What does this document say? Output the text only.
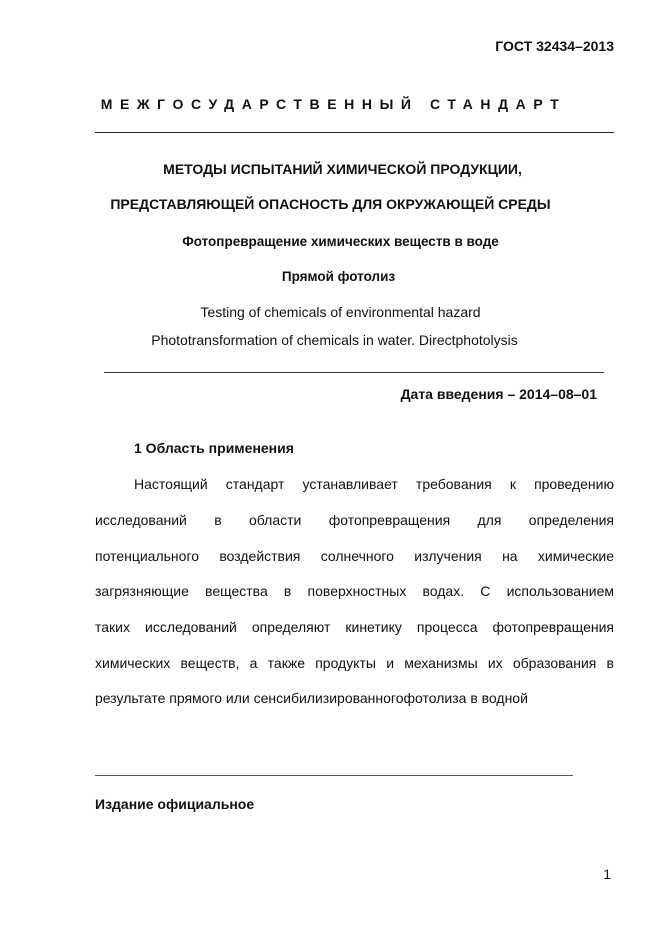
ГОСТ 32434–2013
МЕЖГОСУДАРСТВЕННЫЙ СТАНДАРТ
МЕТОДЫ ИСПЫТАНИЙ ХИМИЧЕСКОЙ ПРОДУКЦИИ,
ПРЕДСТАВЛЯЮЩЕЙ ОПАСНОСТЬ ДЛЯ ОКРУЖАЮЩЕЙ СРЕДЫ
Фотопревращение химических веществ в воде
Прямой фотолиз
Testing of chemicals of environmental hazard
Phototransformation of chemicals in water. Directphotolysis
Дата введения – 2014–08–01
1 Область применения
Настоящий стандарт устанавливает требования к проведению
исследований в области фотопревращения для определения
потенциального воздействия солнечного излучения на химические
загрязняющие вещества в поверхностных водах. С использованием
таких исследований определяют кинетику процесса фотопревращения
химических веществ, а также продукты и механизмы их образования в
результате прямого или сенсибилизированногофотолиза в водной
Издание официальное
1
